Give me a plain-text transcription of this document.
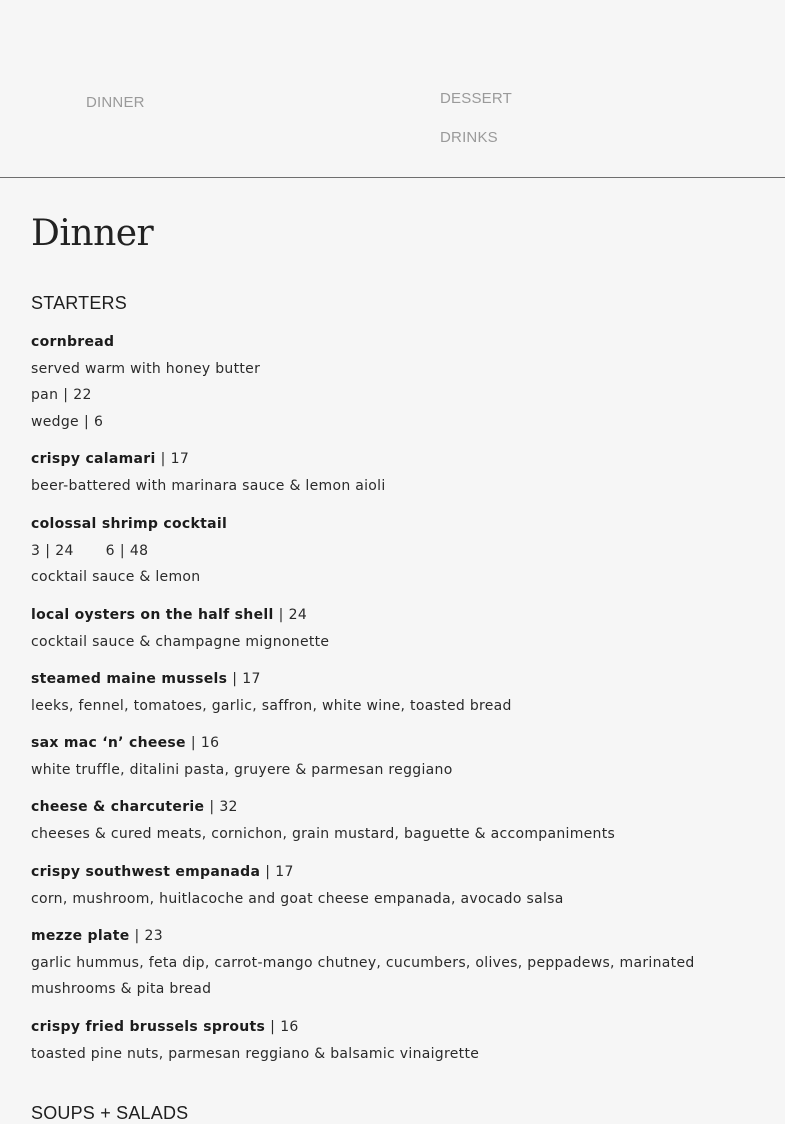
DINNER	DESSERT
DRINKS
Dinner
STARTERS
cornbread
served warm with honey butter
pan | 22
wedge | 6
crispy calamari | 17
beer-battered with marinara sauce & lemon aioli
colossal shrimp cocktail
3 | 24 6 | 48
cocktail sauce & lemon
local oysters on the half shell | 24
cocktail sauce & champagne mignonette
steamed maine mussels | 17
leeks, fennel, tomatoes, garlic, saffron, white wine, toasted bread
sax mac ‘n’ cheese | 16
white truffle, ditalini pasta, gruyere & parmesan reggiano
cheese & charcuterie | 32
cheeses & cured meats, cornichon, grain mustard, baguette & accompaniments
crispy southwest empanada | 17
corn, mushroom, huitlacoche and goat cheese empanada, avocado salsa
mezze plate | 23
garlic hummus, feta dip, carrot-mango chutney, cucumbers, olives, peppadews, marinated mushrooms & pita bread
crispy fried brussels sprouts | 16
toasted pine nuts, parmesan reggiano & balsamic vinaigrette
SOUPS + SALADS
